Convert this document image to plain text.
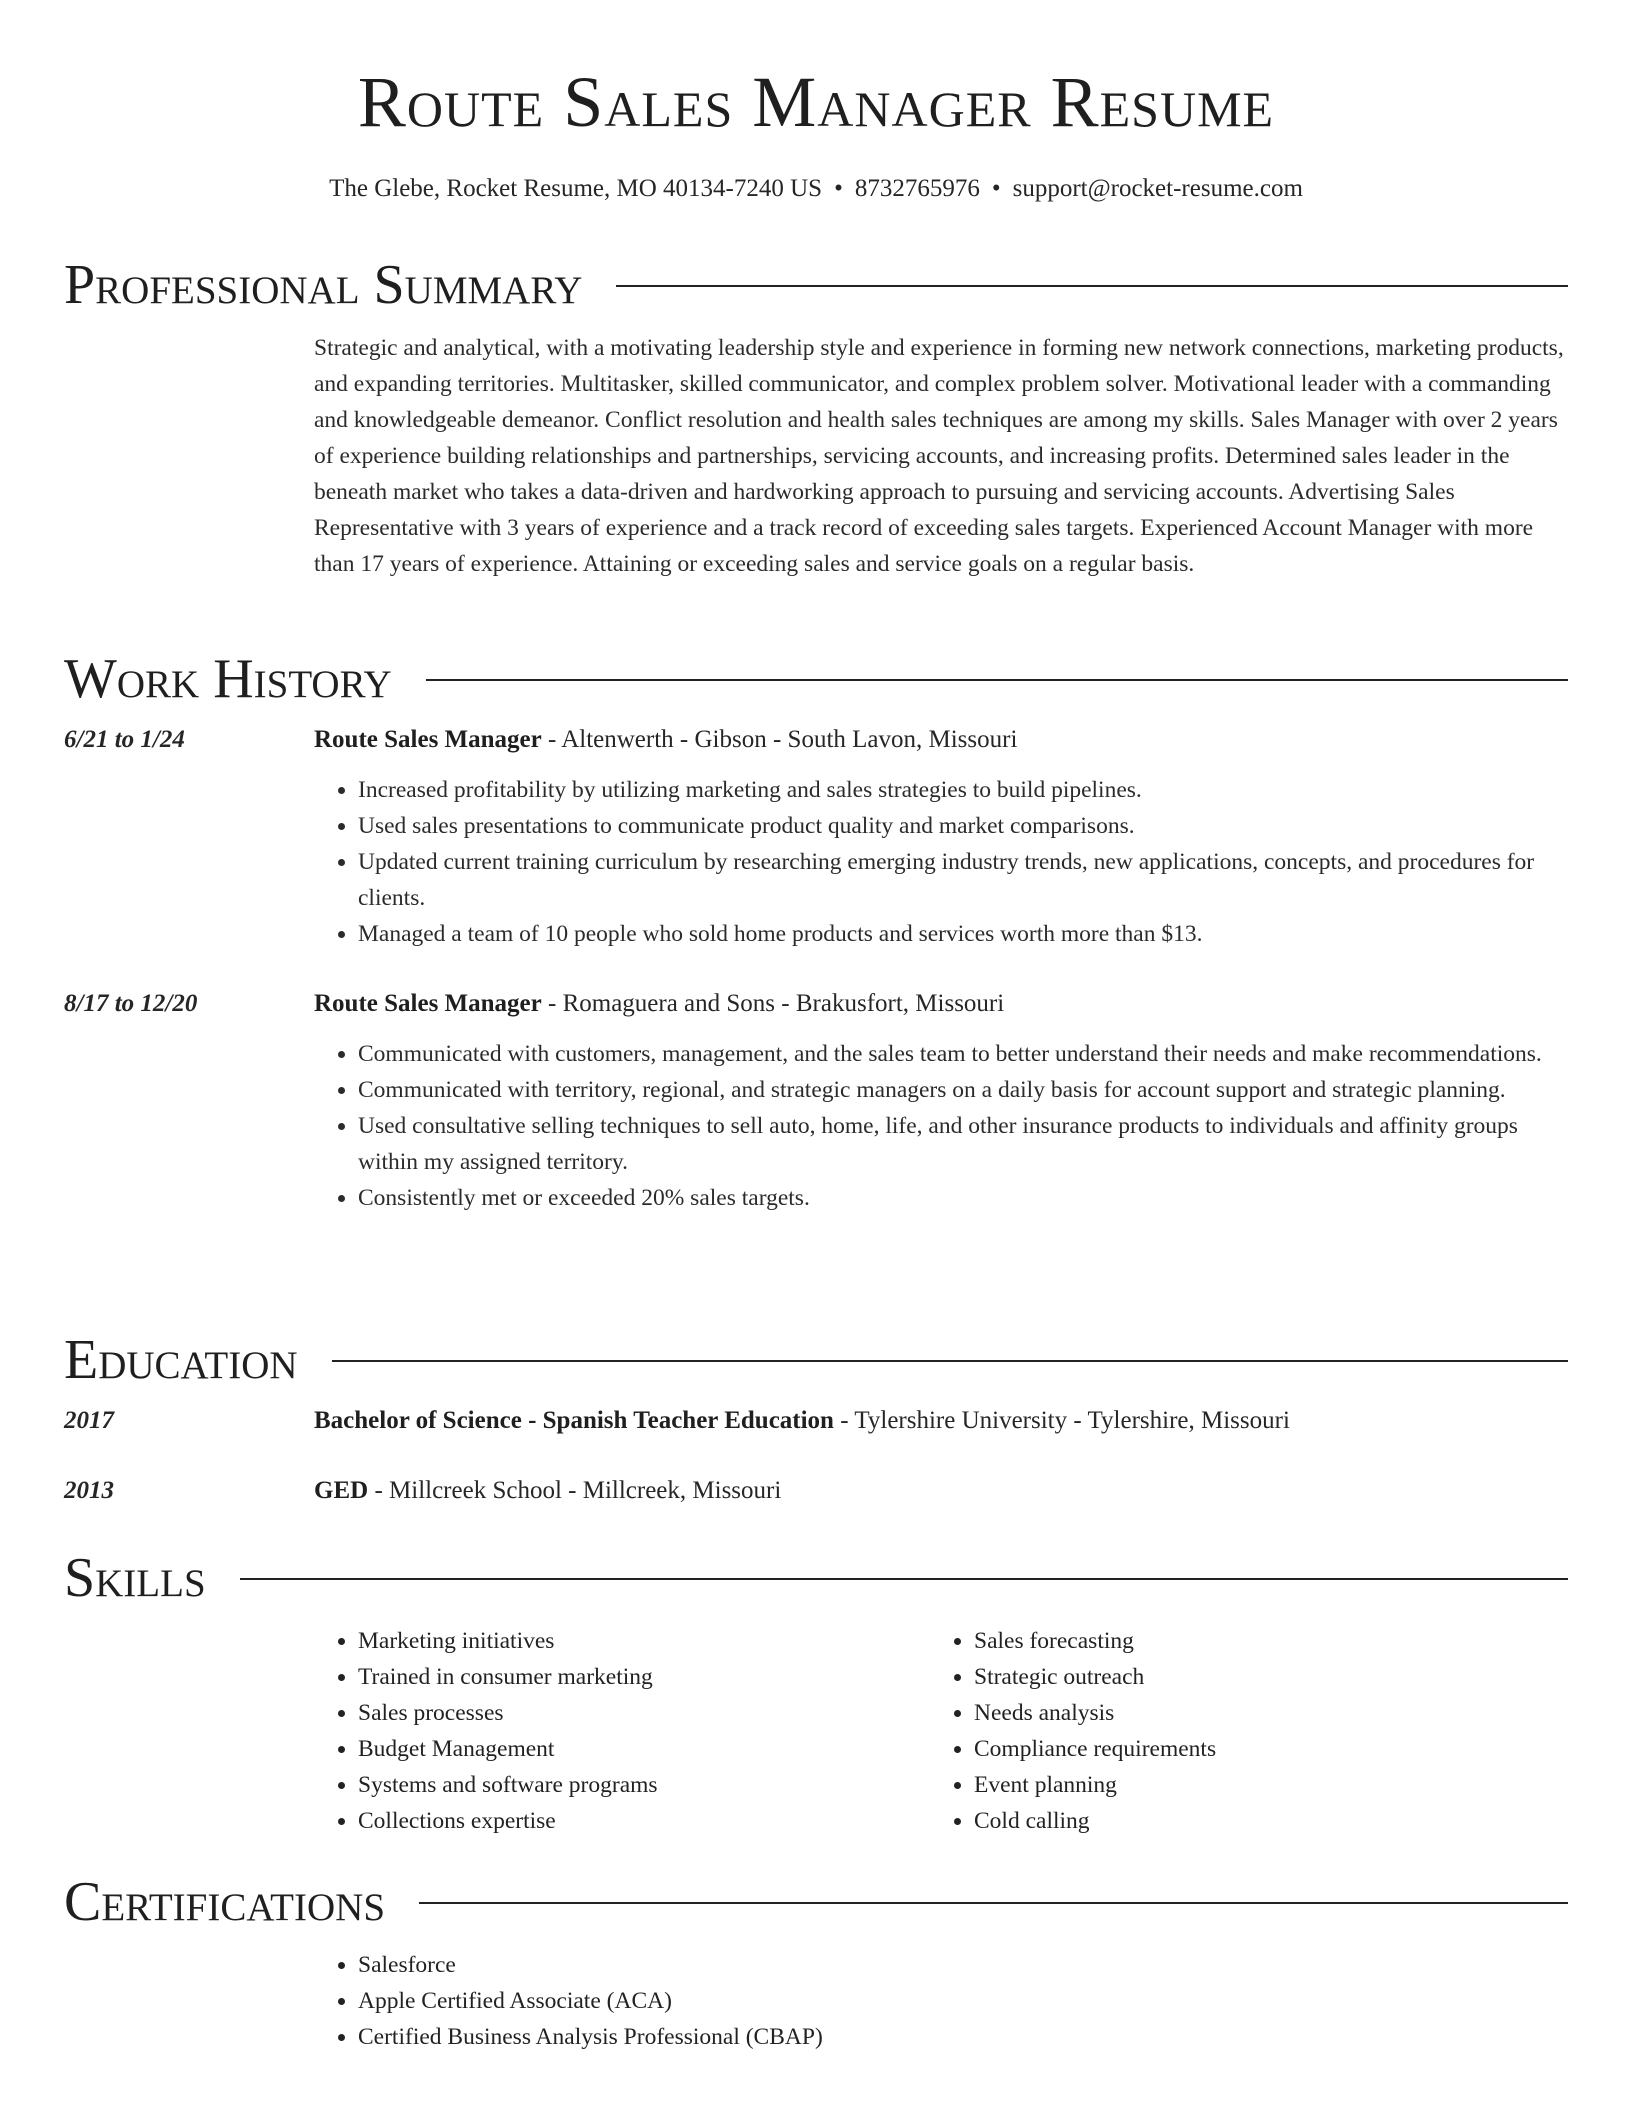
Route Sales Manager Resume
The Glebe, Rocket Resume, MO 40134-7240 US • 8732765976 • support@rocket-resume.com
Professional Summary
Strategic and analytical, with a motivating leadership style and experience in forming new network connections, marketing products, and expanding territories. Multitasker, skilled communicator, and complex problem solver. Motivational leader with a commanding and knowledgeable demeanor. Conflict resolution and health sales techniques are among my skills. Sales Manager with over 2 years of experience building relationships and partnerships, servicing accounts, and increasing profits. Determined sales leader in the beneath market who takes a data-driven and hardworking approach to pursuing and servicing accounts. Advertising Sales Representative with 3 years of experience and a track record of exceeding sales targets. Experienced Account Manager with more than 17 years of experience. Attaining or exceeding sales and service goals on a regular basis.
Work History
6/21 to 1/24	Route Sales Manager - Altenwerth - Gibson - South Lavon, Missouri
• Increased profitability by utilizing marketing and sales strategies to build pipelines.
• Used sales presentations to communicate product quality and market comparisons.
• Updated current training curriculum by researching emerging industry trends, new applications, concepts, and procedures for clients.
• Managed a team of 10 people who sold home products and services worth more than $13.
8/17 to 12/20	Route Sales Manager - Romaguera and Sons - Brakusfort, Missouri
• Communicated with customers, management, and the sales team to better understand their needs and make recommendations.
• Communicated with territory, regional, and strategic managers on a daily basis for account support and strategic planning.
• Used consultative selling techniques to sell auto, home, life, and other insurance products to individuals and affinity groups within my assigned territory.
• Consistently met or exceeded 20% sales targets.
Education
2017	Bachelor of Science - Spanish Teacher Education - Tylershire University - Tylershire, Missouri
2013	GED - Millcreek School - Millcreek, Missouri
Skills
• Marketing initiatives
• Trained in consumer marketing
• Sales processes
• Budget Management
• Systems and software programs
• Collections expertise
• Sales forecasting
• Strategic outreach
• Needs analysis
• Compliance requirements
• Event planning
• Cold calling
Certifications
• Salesforce
• Apple Certified Associate (ACA)
• Certified Business Analysis Professional (CBAP)
